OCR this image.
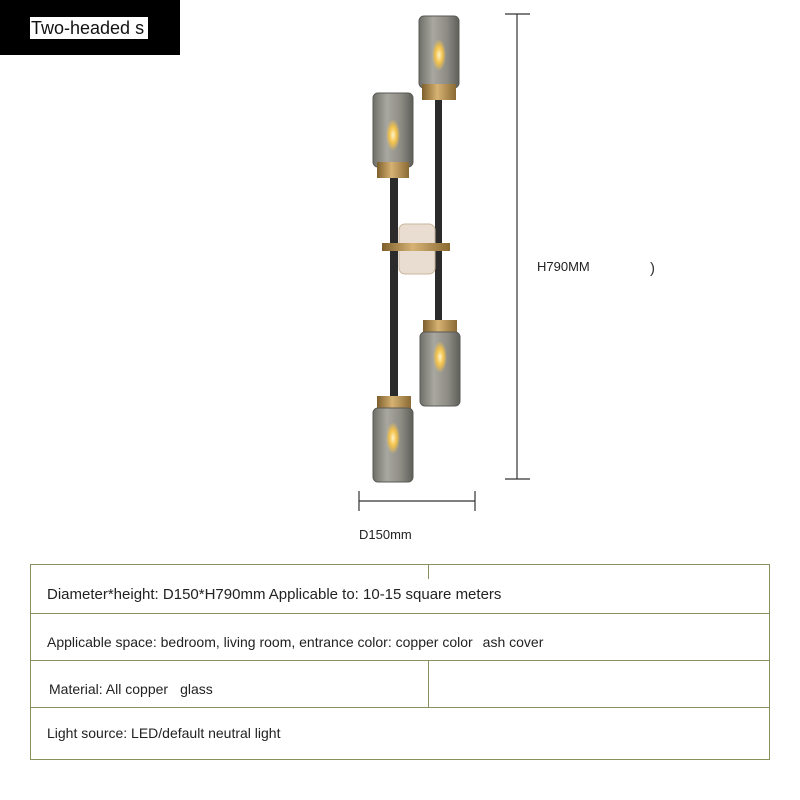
Two-headed s
H790MM	)
D150mm
Diameter*height: D150*H790mm Applicable to: 10-15 square meters
Applicable space: bedroom, living room, entrance color: copper color ash cover
Material: All copper glass
Light source: LED/default neutral light
